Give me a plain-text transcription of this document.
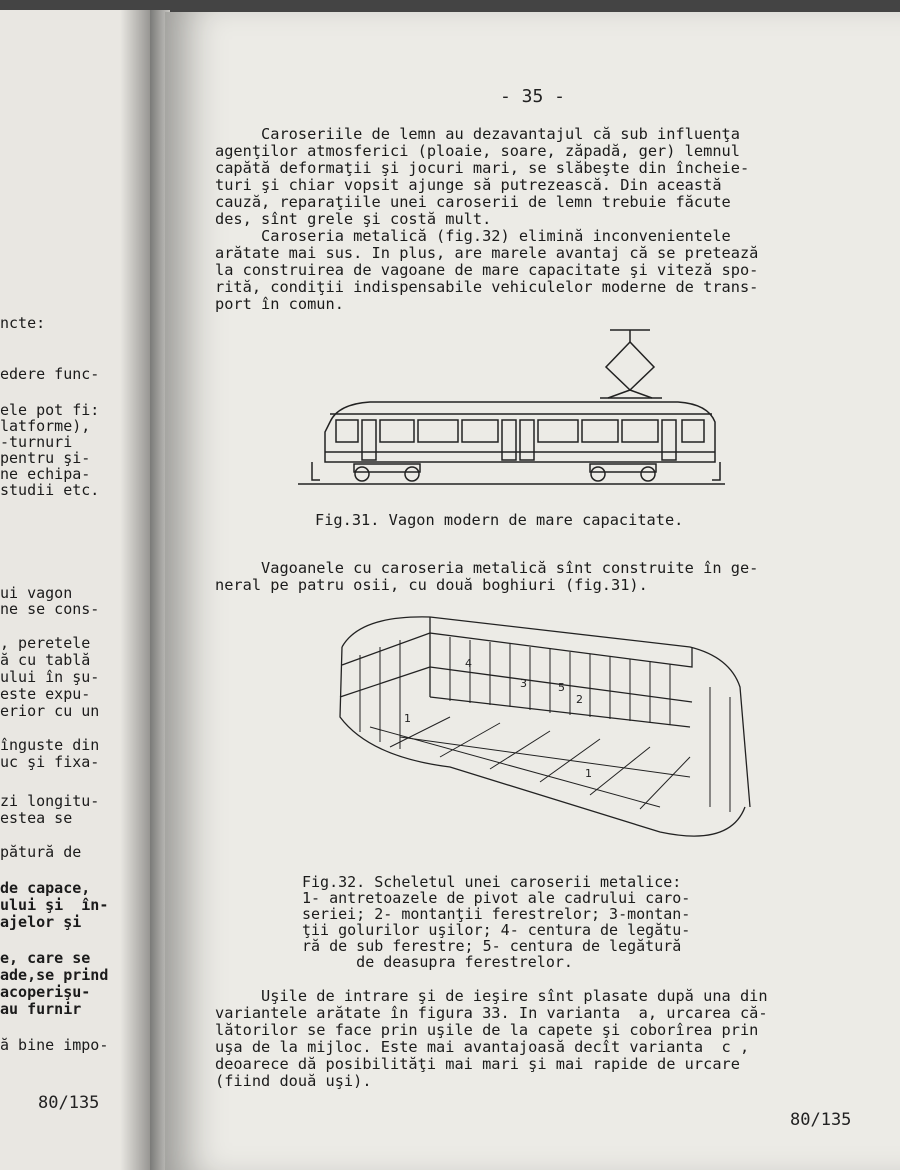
ncte:
edere func-
ele pot fi:
latforme),
-turnuri
pentru şi-
ne echipa-
studii etc.
ui vagon
ne se cons-
, peretele
ă cu tablă
ului în şu-
este expu-
erior cu un
înguste din
uc şi fixa-
zi longitu-
estea se
pătură de
de capace,
ului şi  în-
ajelor şi
e, care se
ade,se prind
acoperişu-
au furnir
ă bine impo-
80/135
- 35 -
Caroseriile de lemn au dezavantajul că sub influenţa
agenţilor atmosferici (ploaie, soare, zăpadă, ger) lemnul
capătă deformaţii şi jocuri mari, se slăbeşte din încheie-
turi şi chiar vopsit ajunge să putrezească. Din această
cauză, reparaţiile unei caroserii de lemn trebuie făcute
des, sînt grele şi costă mult.
Caroseria metalică (fig.32) elimină inconvenientele
arătate mai sus. In plus, are marele avantaj că se pretează
la construirea de vagoane de mare capacitate şi viteză spo-
rită, condiţii indispensabile vehiculelor moderne de trans-
port în comun.
Fig.31. Vagon modern de mare capacitate.
Vagoanele cu caroseria metalică sînt construite în ge-
neral pe patru osii, cu două boghiuri (fig.31).
4
3	5
2
1
1
Fig.32. Scheletul unei caroserii metalice:
1- antretoazele de pivot ale cadrului caro-
seriei; 2- montanţii ferestrelor; 3-montan-
ţii golurilor uşilor; 4- centura de legătu-
ră de sub ferestre; 5- centura de legătură
de deasupra ferestrelor.
Uşile de intrare şi de ieşire sînt plasate după una din
variantele arătate în figura 33. In varianta  a, urcarea că-
lătorilor se face prin uşile de la capete şi coborîrea prin
uşa de la mijloc. Este mai avantajoasă decît varianta  c ,
deoarece dă posibilităţi mai mari şi mai rapide de urcare
(fiind două uşi).
80/135
